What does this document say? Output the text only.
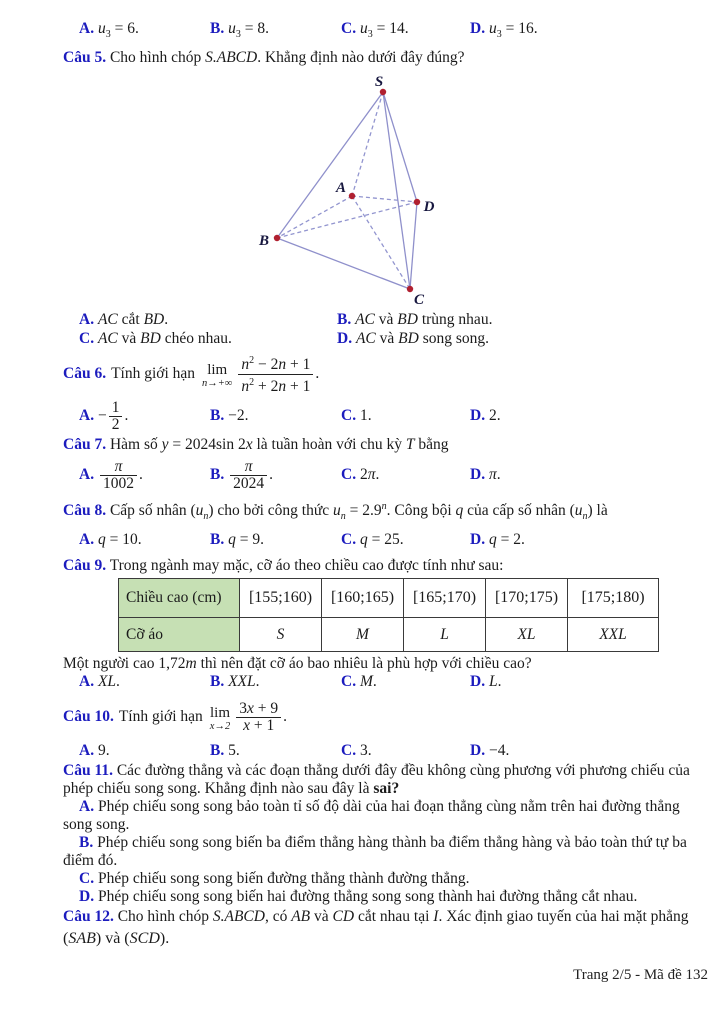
A. $u_3 = 6$.	B. $u_3 = 8$.	C. $u_3 = 14$.	D. $u_3 = 16$.
Câu 5. Cho hình chóp S.ABCD. Khẳng định nào dưới đây đúng?
S
A
D
B
C
A. AC cắt BD.	B. AC và BD trùng nhau.
C. AC và BD chéo nhau.	D. AC và BD song song.
Câu 6. Tính giới hạn lim
$n\to+\infty \frac{n^2 - 2n + 1}{n^2 + 2n + 1}$ .
A. − $\frac{1}{2}$ .	B. −2.	C. 1.	D. 2.
Câu 7. Hàm số y = 2024sin 2x là tuần hoàn với chu kỳ T bằng
A. $\frac{\pi}{1002}$ .	B. $\frac{\pi}{2024}$ .	C. 2π.	D. π.
Câu 8. Cấp số nhân $(u_n)$ cho bởi công thức $u_n = 2.9^n$. Công bội q của cấp số nhân $(u_n)$ là
A. q = 10.	B. q = 9.	C. q = 25.	D. q = 2.
Câu 9. Trong ngành may mặc, cỡ áo theo chiều cao được tính như sau:
Chiều cao (cm)	[155;160)	[160;165)	[165;170)	[170;175)	[175;180)
Cỡ áo	S	M	L	XL	XXL
Một người cao 1,72m thì nên đặt cỡ áo bao nhiêu là phù hợp với chiều cao?
A. XL.	B. XXL.	C. M.	D. L.
Câu 10. Tính giới hạn lim
$x\to 2 \frac{3x + 9}{x + 1}$ .
A. 9.	B. 5.	C. 3.	D. −4.
Câu 11. Các đường thẳng và các đoạn thẳng dưới đây đều không cùng phương với phương chiếu của phép chiếu song song. Khẳng định nào sau đây là sai?
A. Phép chiếu song song bảo toàn tỉ số độ dài của hai đoạn thẳng cùng nằm trên hai đường thẳng song song.
B. Phép chiếu song song biến ba điểm thẳng hàng thành ba điểm thẳng hàng và bảo toàn thứ tự ba điểm đó.
C. Phép chiếu song song biến đường thẳng thành đường thẳng.
D. Phép chiếu song song biến hai đường thẳng song song thành hai đường thẳng cắt nhau.
Câu 12. Cho hình chóp S.ABCD, có AB và CD cắt nhau tại I. Xác định giao tuyến của hai mặt phẳng
(SAB) và (SCD).
Trang 2/5 - Mã đề 132
